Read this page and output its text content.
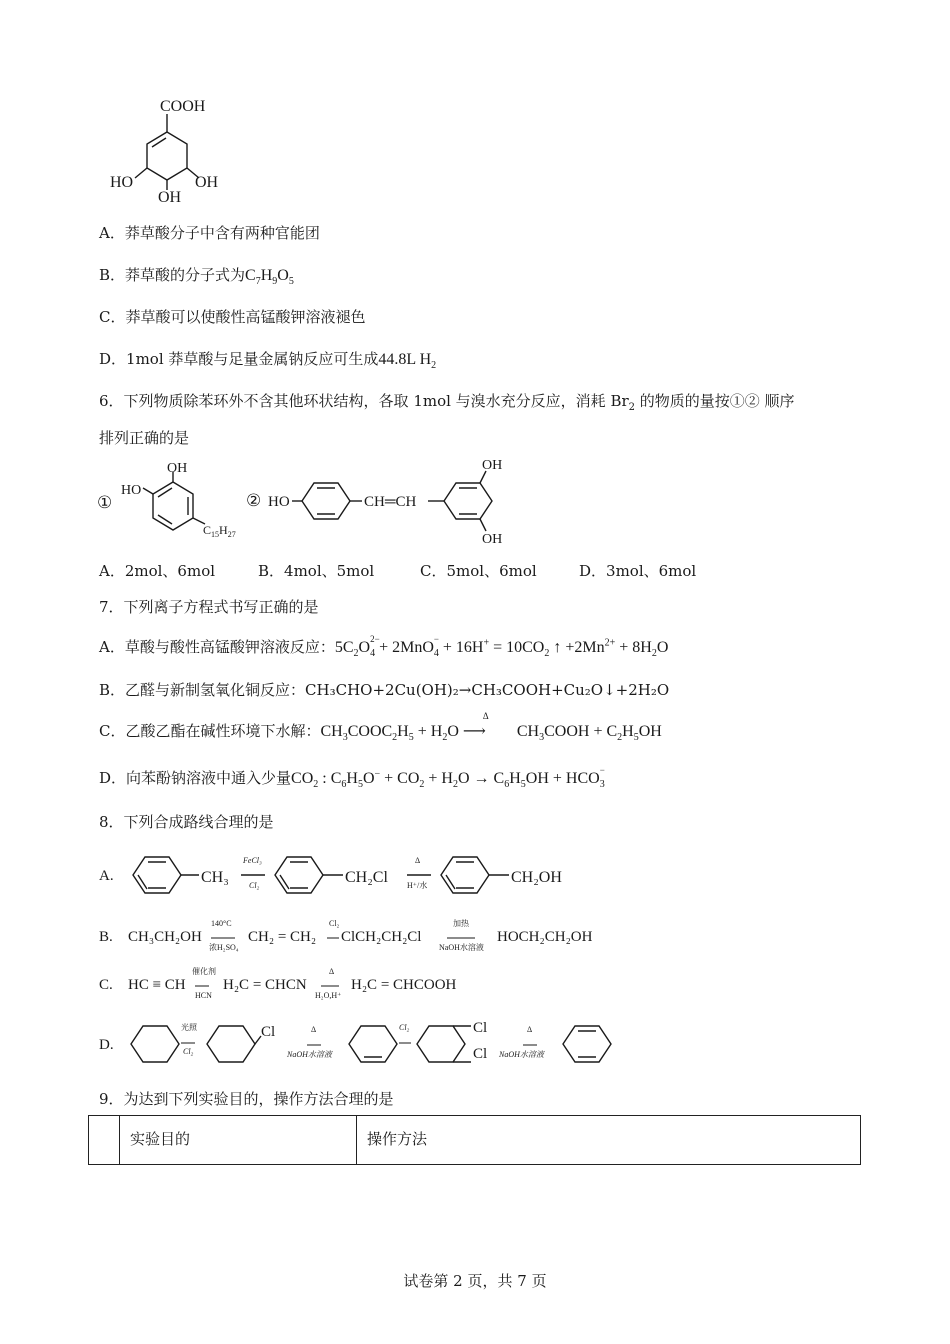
COOH
HO
OH
OH
A．莽草酸分子中含有两种官能团
B．莽草酸的分子式为$C_7H_9O_5$
C．莽草酸可以使酸性高锰酸钾溶液褪色
D．1mol 莽草酸与足量金属钠反应可生成44.8L $H_2$
6．下列物质除苯环外不含其他环状结构，各取 1mol 与溴水充分反应，消耗 $Br_2$ 的物质的量按①② 顺序
排列正确的是
①
OH
HO
$C_{15}H_{27}$
② HO	CH═CH
OH
OH
A．2mol、6mol	B．4mol、5mol	C．5mol、6mol	D．3mol、6mol
7．下列离子方程式书写正确的是
A．草酸与酸性高锰酸钾溶液反应：$5C_2O$ $_{2- 4}$ + 2MnO $_{- 4} + 16H^+ = 10CO_2$ ↑ $+2Mn^{2+} + 8H_2O$
B．乙醛与新制氢氧化铜反应：CH₃CHO+2Cu(OH)₂→CH₃COOH+Cu₂O↓+2H₂O
C．乙酸乙酯在碱性环境下水解：$CH_3COOC_2H_5 + H_2O$
Δ
⟶ $CH_3COOH + C_2H_5OH$
D．向苯酚钠溶液中通入少量$CO_2$ : $C_6H_5O^- + CO_2 + H_2O \to C_6H_5OH$ + HCO $_{- 3}$
8．下列合成路线合理的是
A.	CH₃
FeCl₃
Cl₂	CH₂Cl
Δ
H⁺/水	CH₂OH
B. CH₃CH₂OH
140°C
浓H₂SO₄
CH₂ = CH₂
Cl₂
ClCH₂CH₂Cl
加热
NaOH水溶液
HOCH₂CH₂OH
C. HC ≡ CH
催化剂
HCN
H₂C = CHCN
Δ
H₂O,H⁺
H₂C = CHCOOH
D.
光照
Cl₂
Cl	Δ
NaOH水溶液
Cl₂	Cl
Cl
Δ
NaOH水溶液
9．为达到下列实验目的，操作方法合理的是
实验目的	操作方法
试卷第 2 页，共 7 页
